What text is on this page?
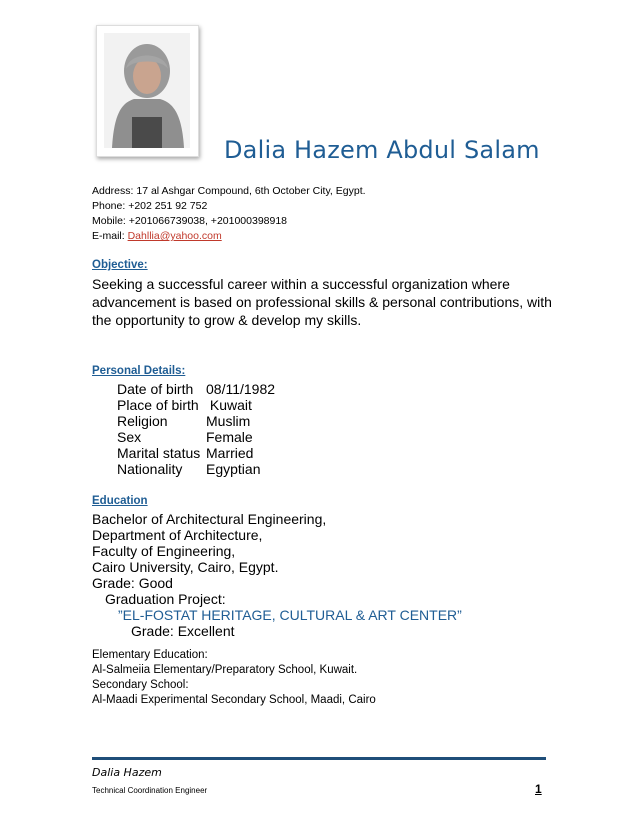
Dalia Hazem Abdul Salam
Address: 17 al Ashgar Compound, 6th October City, Egypt.
Phone: +202 251 92 752
Mobile: +201066739038, +201000398918
E-mail: Dahllia@yahoo.com
Objective:
Seeking a successful career within a successful organization where advancement is based on professional skills & personal contributions, with the opportunity to grow & develop my skills.
Personal Details:
Date of birth	08/11/1982
Place of birth	Kuwait
Religion	Muslim
Sex	Female
Marital status	Married
Nationality	Egyptian
Education
Bachelor of Architectural Engineering,
Department of Architecture,
Faculty of Engineering,
Cairo University, Cairo, Egypt.
Grade: Good
Graduation Project:
”EL-FOSTAT HERITAGE, CULTURAL & ART CENTER”
Grade: Excellent
Elementary Education:
Al-Salmeiia Elementary/Preparatory School, Kuwait.
Secondary School:
Al-Maadi Experimental Secondary School, Maadi, Cairo
Dalia Hazem
Technical Coordination Engineer	1
